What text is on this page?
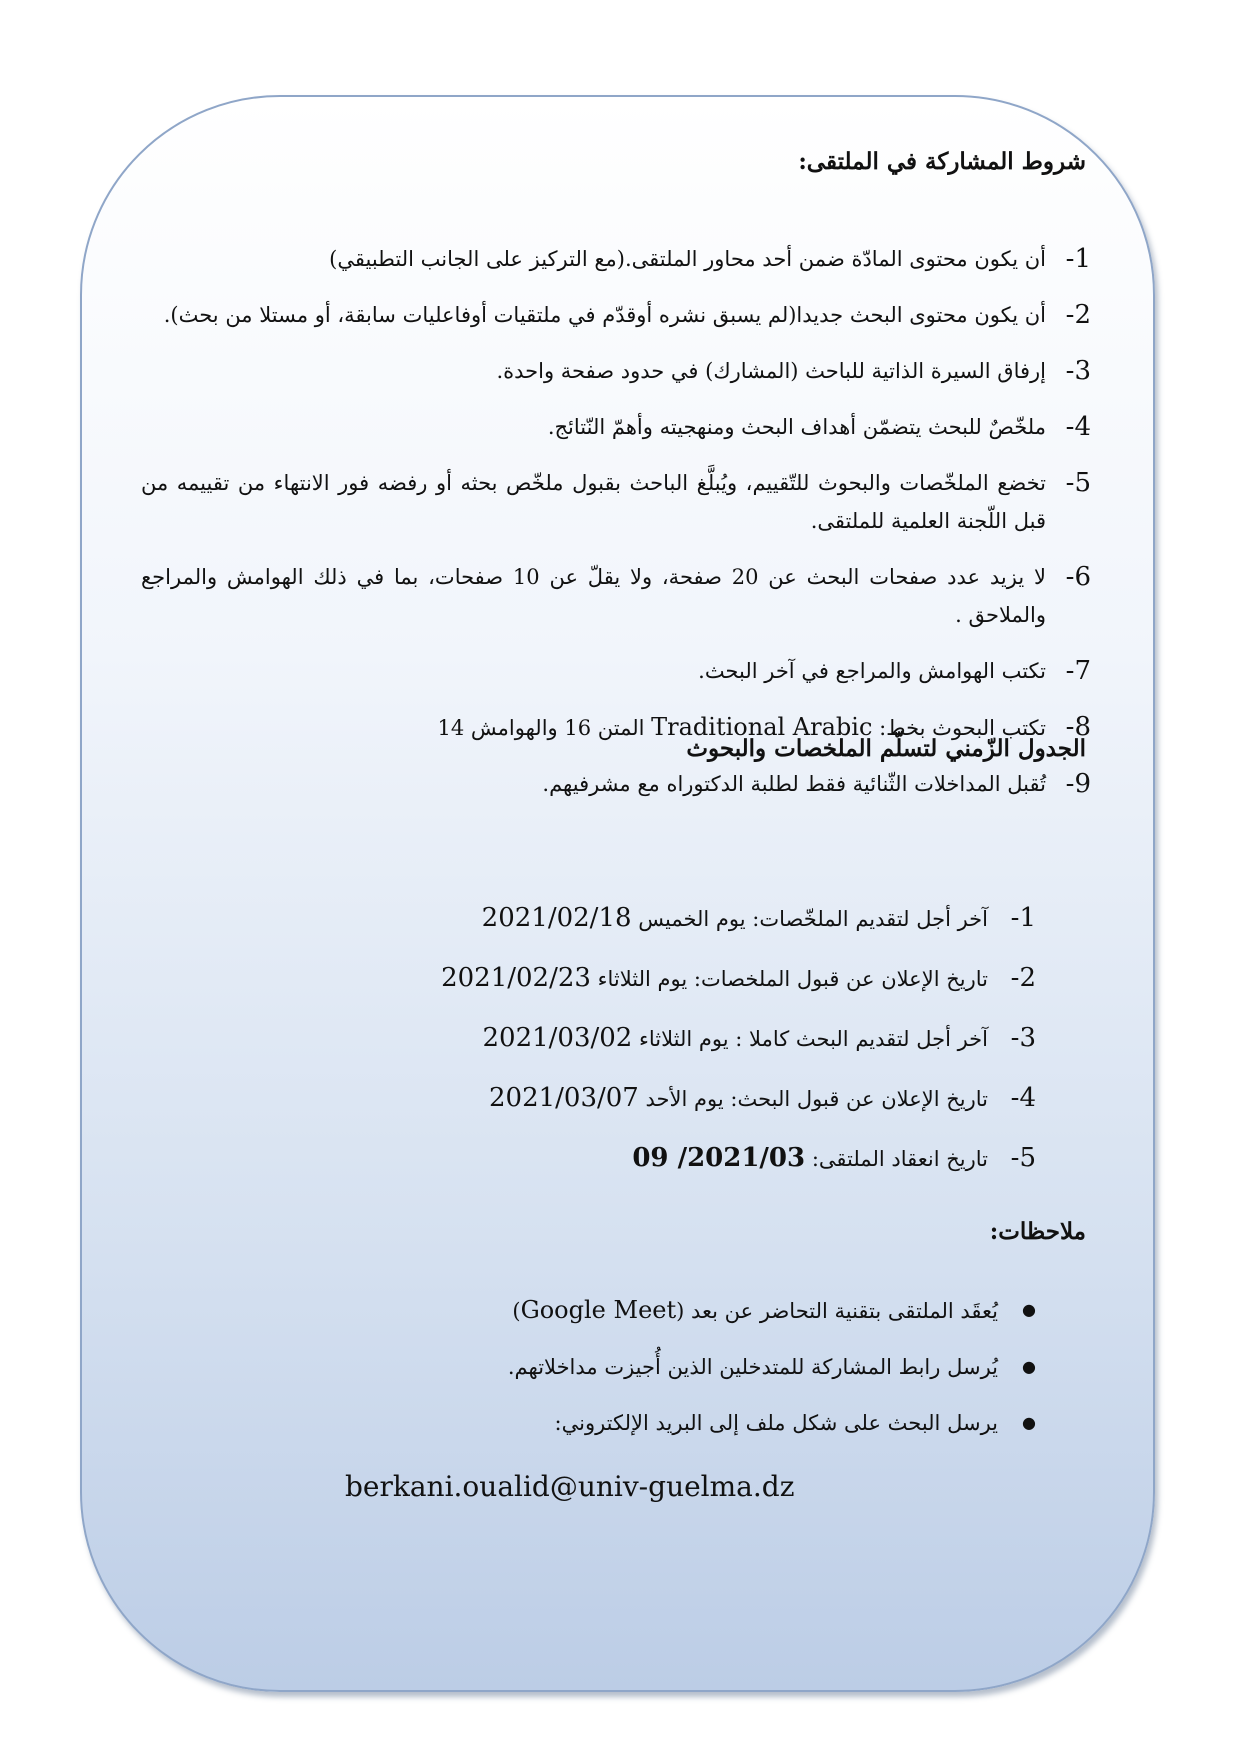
شروط المشاركة في الملتقى:
1-
أن يكون محتوى المادّة ضمن أحد محاور الملتقى.(مع التركيز على الجانب التطبيقي)
2-
أن يكون محتوى البحث جديدا(لم يسبق نشره أوقدّم في ملتقيات أوفاعليات سابقة، أو مستلا من بحث).
3-
إرفاق السيرة الذاتية للباحث (المشارك) في حدود صفحة واحدة.
4-
ملخّصٌ للبحث يتضمّن أهداف البحث ومنهجيته وأهمّ النّتائج.
5-
تخضع الملخّصات والبحوث للتّقييم، ويُبلَّغ الباحث بقبول ملخّص بحثه أو رفضه فور الانتهاء من تقييمه من قبل اللّجنة العلمية للملتقى.
6-
لا يزيد عدد صفحات البحث عن 20 صفحة، ولا يقلّ عن 10 صفحات، بما في ذلك الهوامش والمراجع والملاحق .
7-
تكتب الهوامش والمراجع في آخر البحث.
8-
تكتب البحوث بخط: Traditional Arabic المتن 16 والهوامش 14
9-
تُقبل المداخلات الثّنائية فقط لطلبة الدكتوراه مع مشرفيهم.
الجدول الزّمني لتسلّم الملخصات والبحوث
1-
آخر أجل لتقديم الملخّصات: يوم الخميس 2021/02/18
2-
تاريخ الإعلان عن قبول الملخصات: يوم الثلاثاء 2021/02/23
3-
آخر أجل لتقديم البحث كاملا : يوم الثلاثاء 2021/03/02
4-
تاريخ الإعلان عن قبول البحث: يوم الأحد 2021/03/07
5-
تاريخ انعقاد الملتقى: 09 /2021/03
ملاحظات:
●
يُعقَد الملتقى بتقنية التحاضر عن بعد (Google Meet)
●
يُرسل رابط المشاركة للمتدخلين الذين أُجيزت مداخلاتهم.
●
يرسل البحث على شكل ملف إلى البريد الإلكتروني:
berkani.oualid@univ-guelma.dz
